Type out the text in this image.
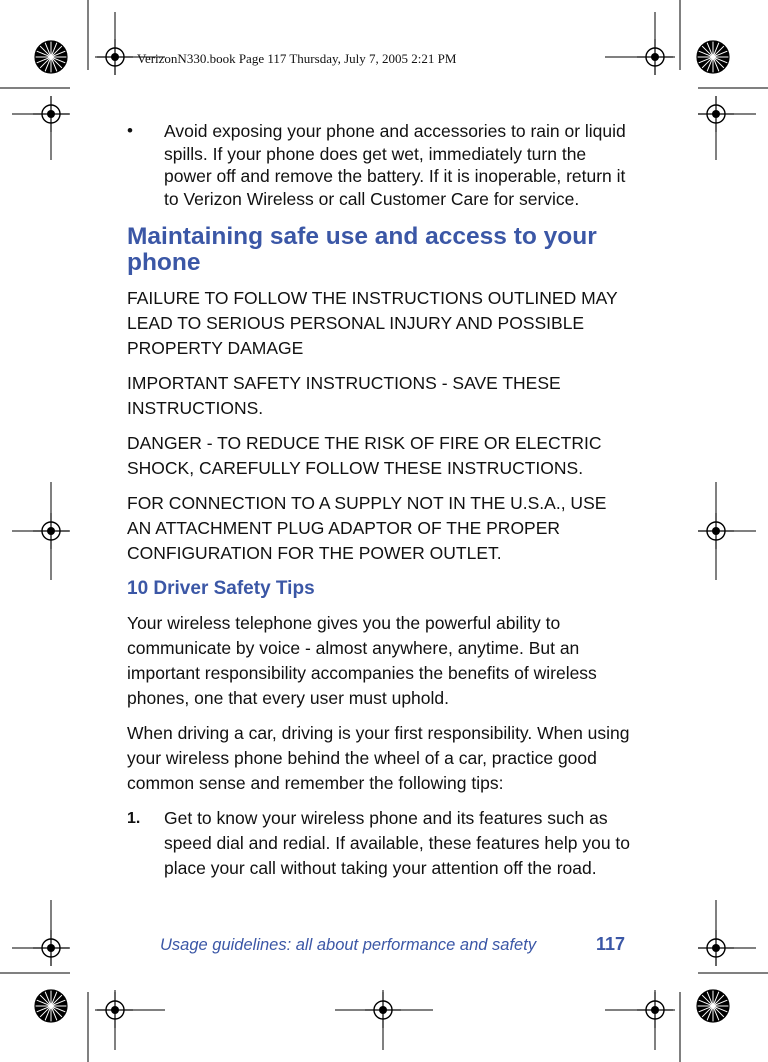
VerizonN330.book Page 117 Thursday, July 7, 2005 2:21 PM
• Avoid exposing your phone and accessories to rain or liquid spills. If your phone does get wet, immediately turn the power off and remove the battery. If it is inoperable, return it to Verizon Wireless or call Customer Care for service.
Maintaining safe use and access to your phone

FAILURE TO FOLLOW THE INSTRUCTIONS OUTLINED MAY LEAD TO SERIOUS PERSONAL INJURY AND POSSIBLE PROPERTY DAMAGE

IMPORTANT SAFETY INSTRUCTIONS - SAVE THESE INSTRUCTIONS.

DANGER - TO REDUCE THE RISK OF FIRE OR ELECTRIC SHOCK, CAREFULLY FOLLOW THESE INSTRUCTIONS.

FOR CONNECTION TO A SUPPLY NOT IN THE U.S.A., USE AN ATTACHMENT PLUG ADAPTOR OF THE PROPER CONFIGURATION FOR THE POWER OUTLET.

10 Driver Safety Tips

Your wireless telephone gives you the powerful ability to communicate by voice - almost anywhere, anytime. But an important responsibility accompanies the benefits of wireless phones, one that every user must uphold.

When driving a car, driving is your first responsibility. When using your wireless phone behind the wheel of a car, practice good common sense and remember the following tips:

1. Get to know your wireless phone and its features such as speed dial and redial. If available, these features help you to place your call without taking your attention off the road.
Usage guidelines: all about performance and safety	117
